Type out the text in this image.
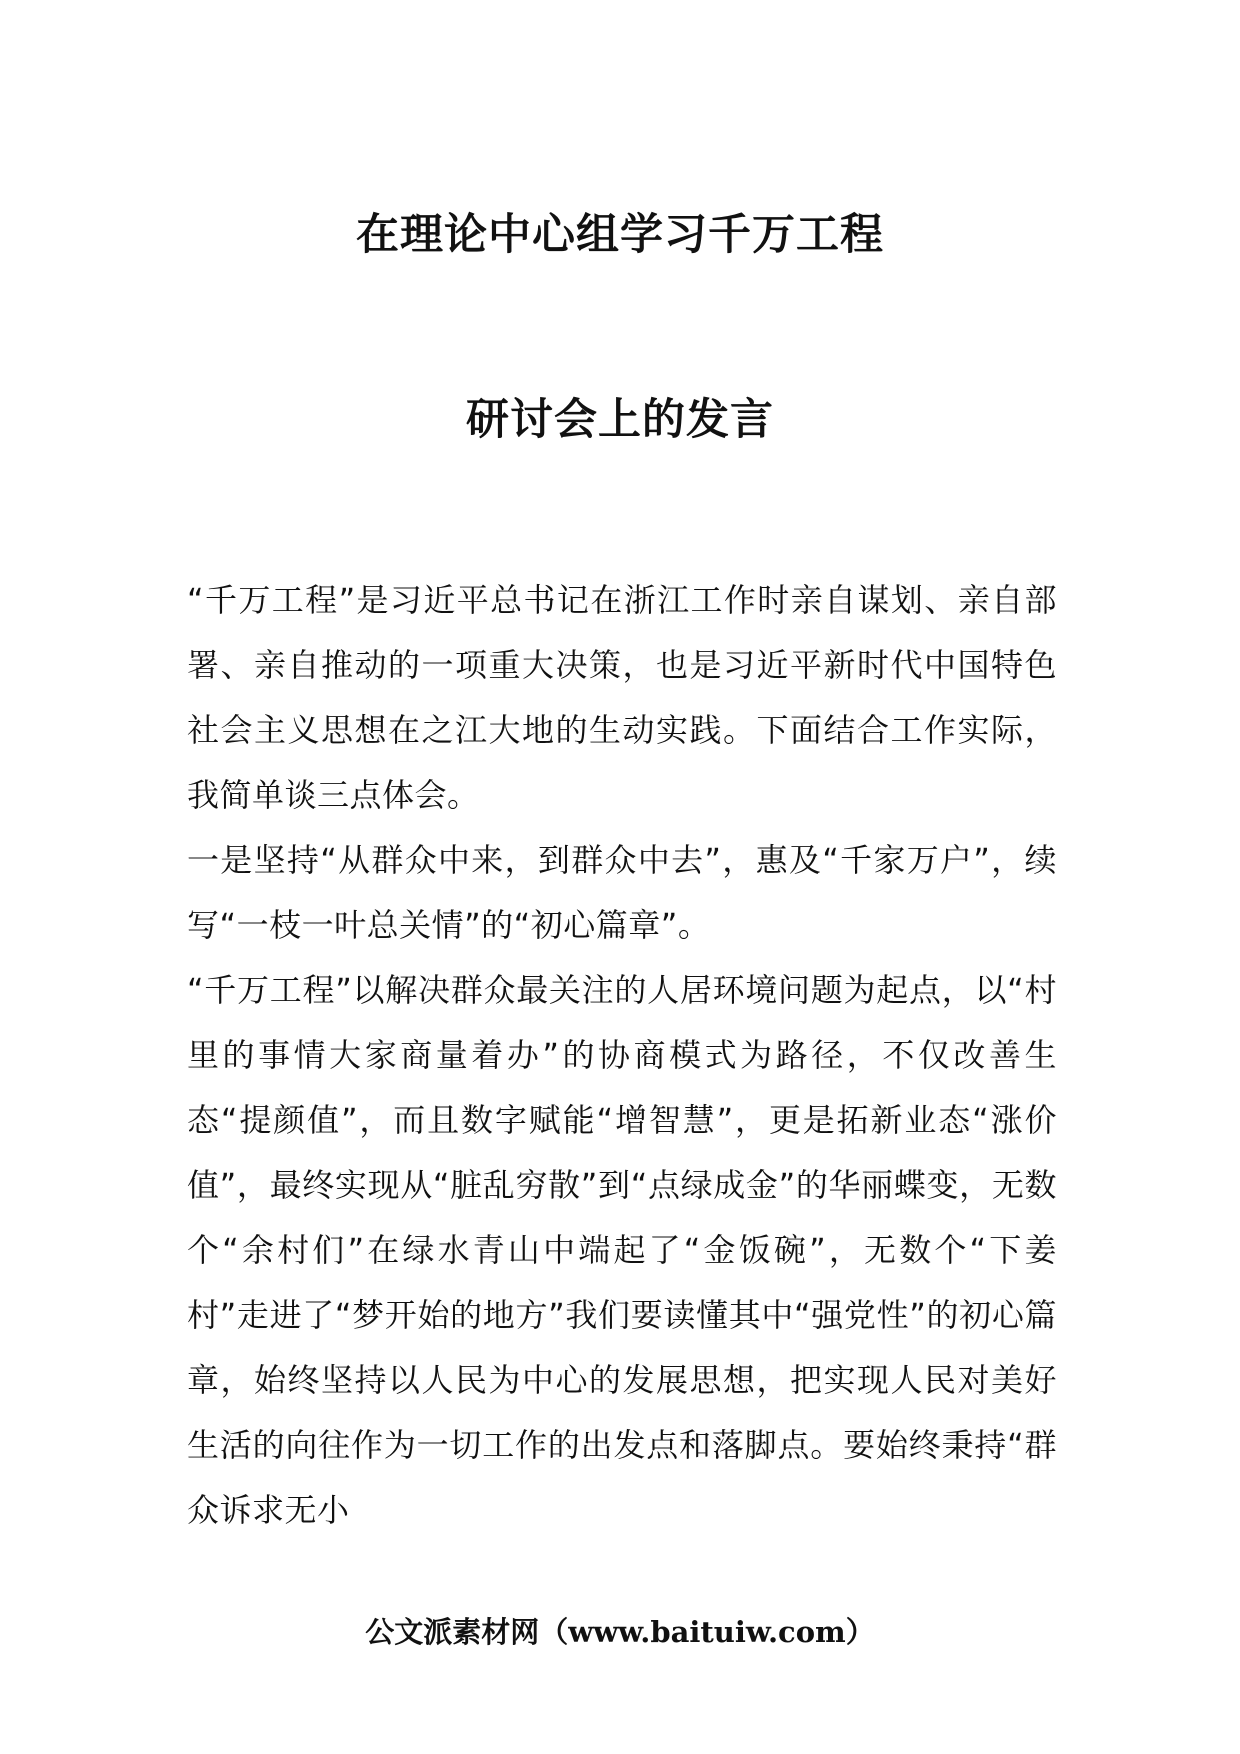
在理论中心组学习千万工程
研讨会上的发言

“千万工程”是习近平总书记在浙江工作时亲自谋划、亲自部署、亲自推动的一项重大决策，也是习近平新时代中国特色社会主义思想在之江大地的生动实践。下面结合工作实际，我简单谈三点体会。

一是坚持“从群众中来，到群众中去”，惠及“千家万户”，续写“一枝一叶总关情”的“初心篇章”。

“千万工程”以解决群众最关注的人居环境问题为起点，以“村里的事情大家商量着办”的协商模式为路径，不仅改善生态“提颜值”，而且数字赋能“增智慧”，更是拓新业态“涨价值”，最终实现从“脏乱穷散”到“点绿成金”的华丽蝶变，无数个“余村们”在绿水青山中端起了“金饭碗”，无数个“下姜村”走进了“梦开始的地方”我们要读懂其中“强党性”的初心篇章，始终坚持以人民为中心的发展思想，把实现人民对美好生活的向往作为一切工作的出发点和落脚点。要始终秉持“群众诉求无小

公文派素材网（www.baituiw.com）
